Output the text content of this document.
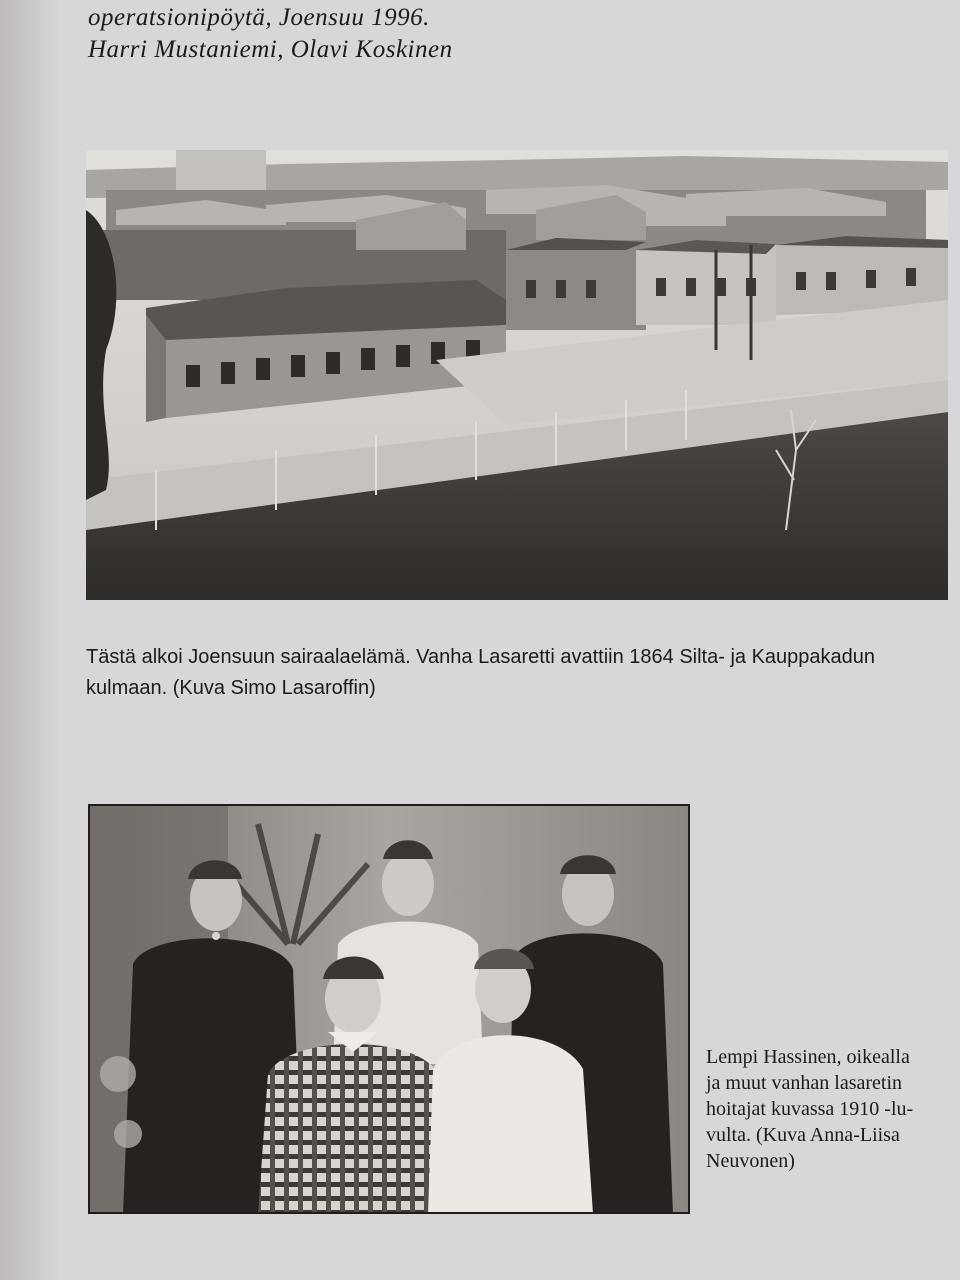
operatsionipöytä, Joensuu 1996.
Harri Mustaniemi, Olavi Koskinen
Tästä alkoi Joensuun sairaalaelämä. Vanha Lasaretti avattiin 1864 Silta- ja Kauppakadun
kulmaan. (Kuva Simo Lasaroffin)
Lempi Hassinen, oikealla
ja muut vanhan lasaretin
hoitajat kuvassa 1910 -lu-
vulta. (Kuva Anna-Liisa
Neuvonen)
